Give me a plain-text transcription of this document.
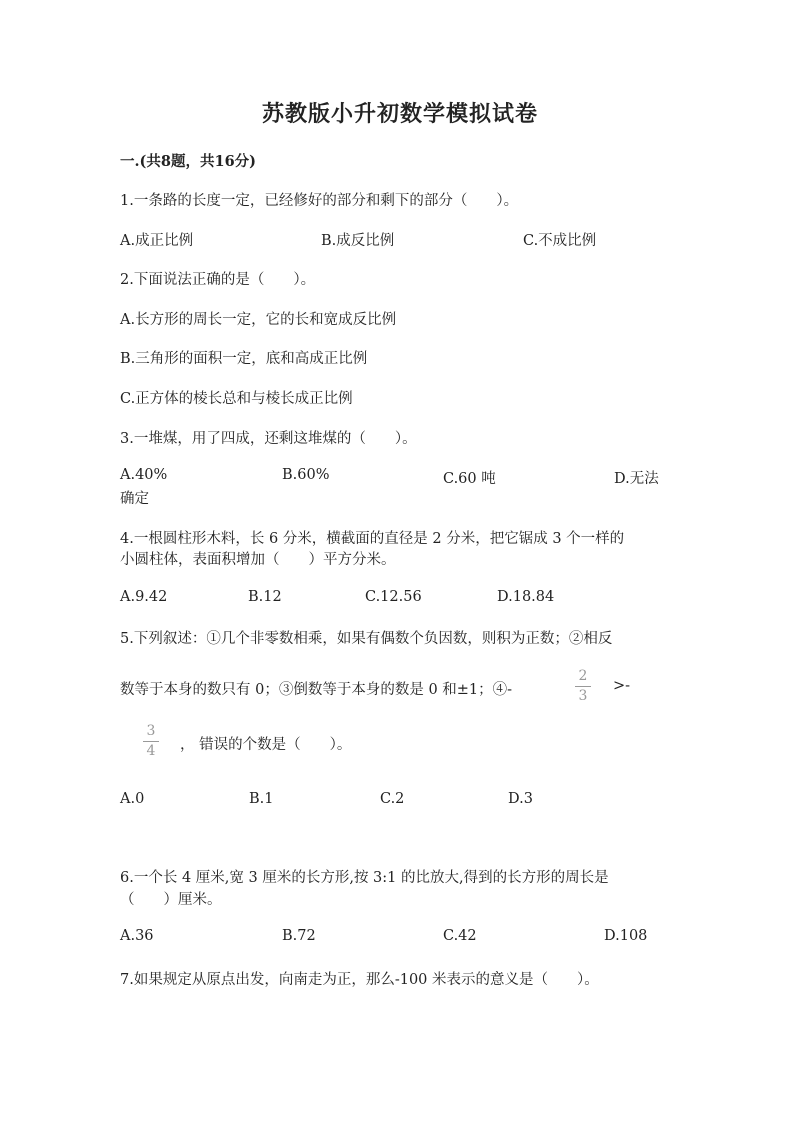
苏教版小升初数学模拟试卷
一.(共8题，共16分)
1.一条路的长度一定，已经修好的部分和剩下的部分（　　）。
A.成正比例	B.成反比例	C.不成比例
2.下面说法正确的是（　　）。
A.长方形的周长一定，它的长和宽成反比例
B.三角形的面积一定，底和高成正比例
C.正方体的棱长总和与棱长成正比例
3.一堆煤，用了四成，还剩这堆煤的（　　）。
A.40%	B.60%	C.60 吨	D.无法
确定
4.一根圆柱形木料，长 6 分米，横截面的直径是 2 分米，把它锯成 3 个一样的
小圆柱体，表面积增加（　　）平方分米。
A.9.42	B.12	C.12.56	D.18.84
5.下列叙述：①几个非零数相乘，如果有偶数个负因数，则积为正数；②相反
数等于本身的数只有 0；③倒数等于本身的数是 0 和±1；④-
2
3
>-
3
4 ， 错误的个数是（　　）。
A.0	B.1	C.2	D.3
6.一个长 4 厘米,宽 3 厘米的长方形,按 3:1 的比放大,得到的长方形的周长是
（　　）厘米。
A.36	B.72	C.42	D.108
7.如果规定从原点出发，向南走为正，那么-100 米表示的意义是（　　）。
